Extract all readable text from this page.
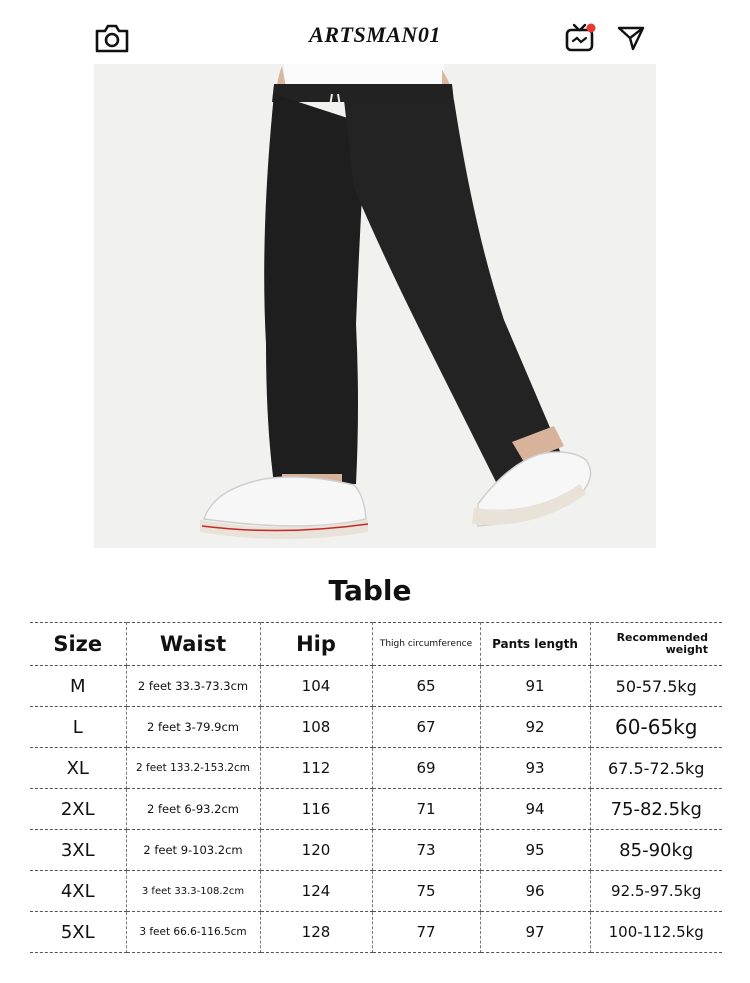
ARTSMAN01
Table
Size	Waist	Hip	Thigh circumference	Pants length	Recommended
weight

M	2 feet 33.3-73.3cm	104	65	91	50-57.5kg
L	2 feet 3-79.9cm	108	67	92	60-65kg
XL	2 feet 133.2-153.2cm	112	69	93	67.5-72.5kg
2XL	2 feet 6-93.2cm	116	71	94	75-82.5kg
3XL	2 feet 9-103.2cm	120	73	95	85-90kg
4XL	3 feet 33.3-108.2cm	124	75	96	92.5-97.5kg
5XL	3 feet 66.6-116.5cm	128	77	97	100-112.5kg
